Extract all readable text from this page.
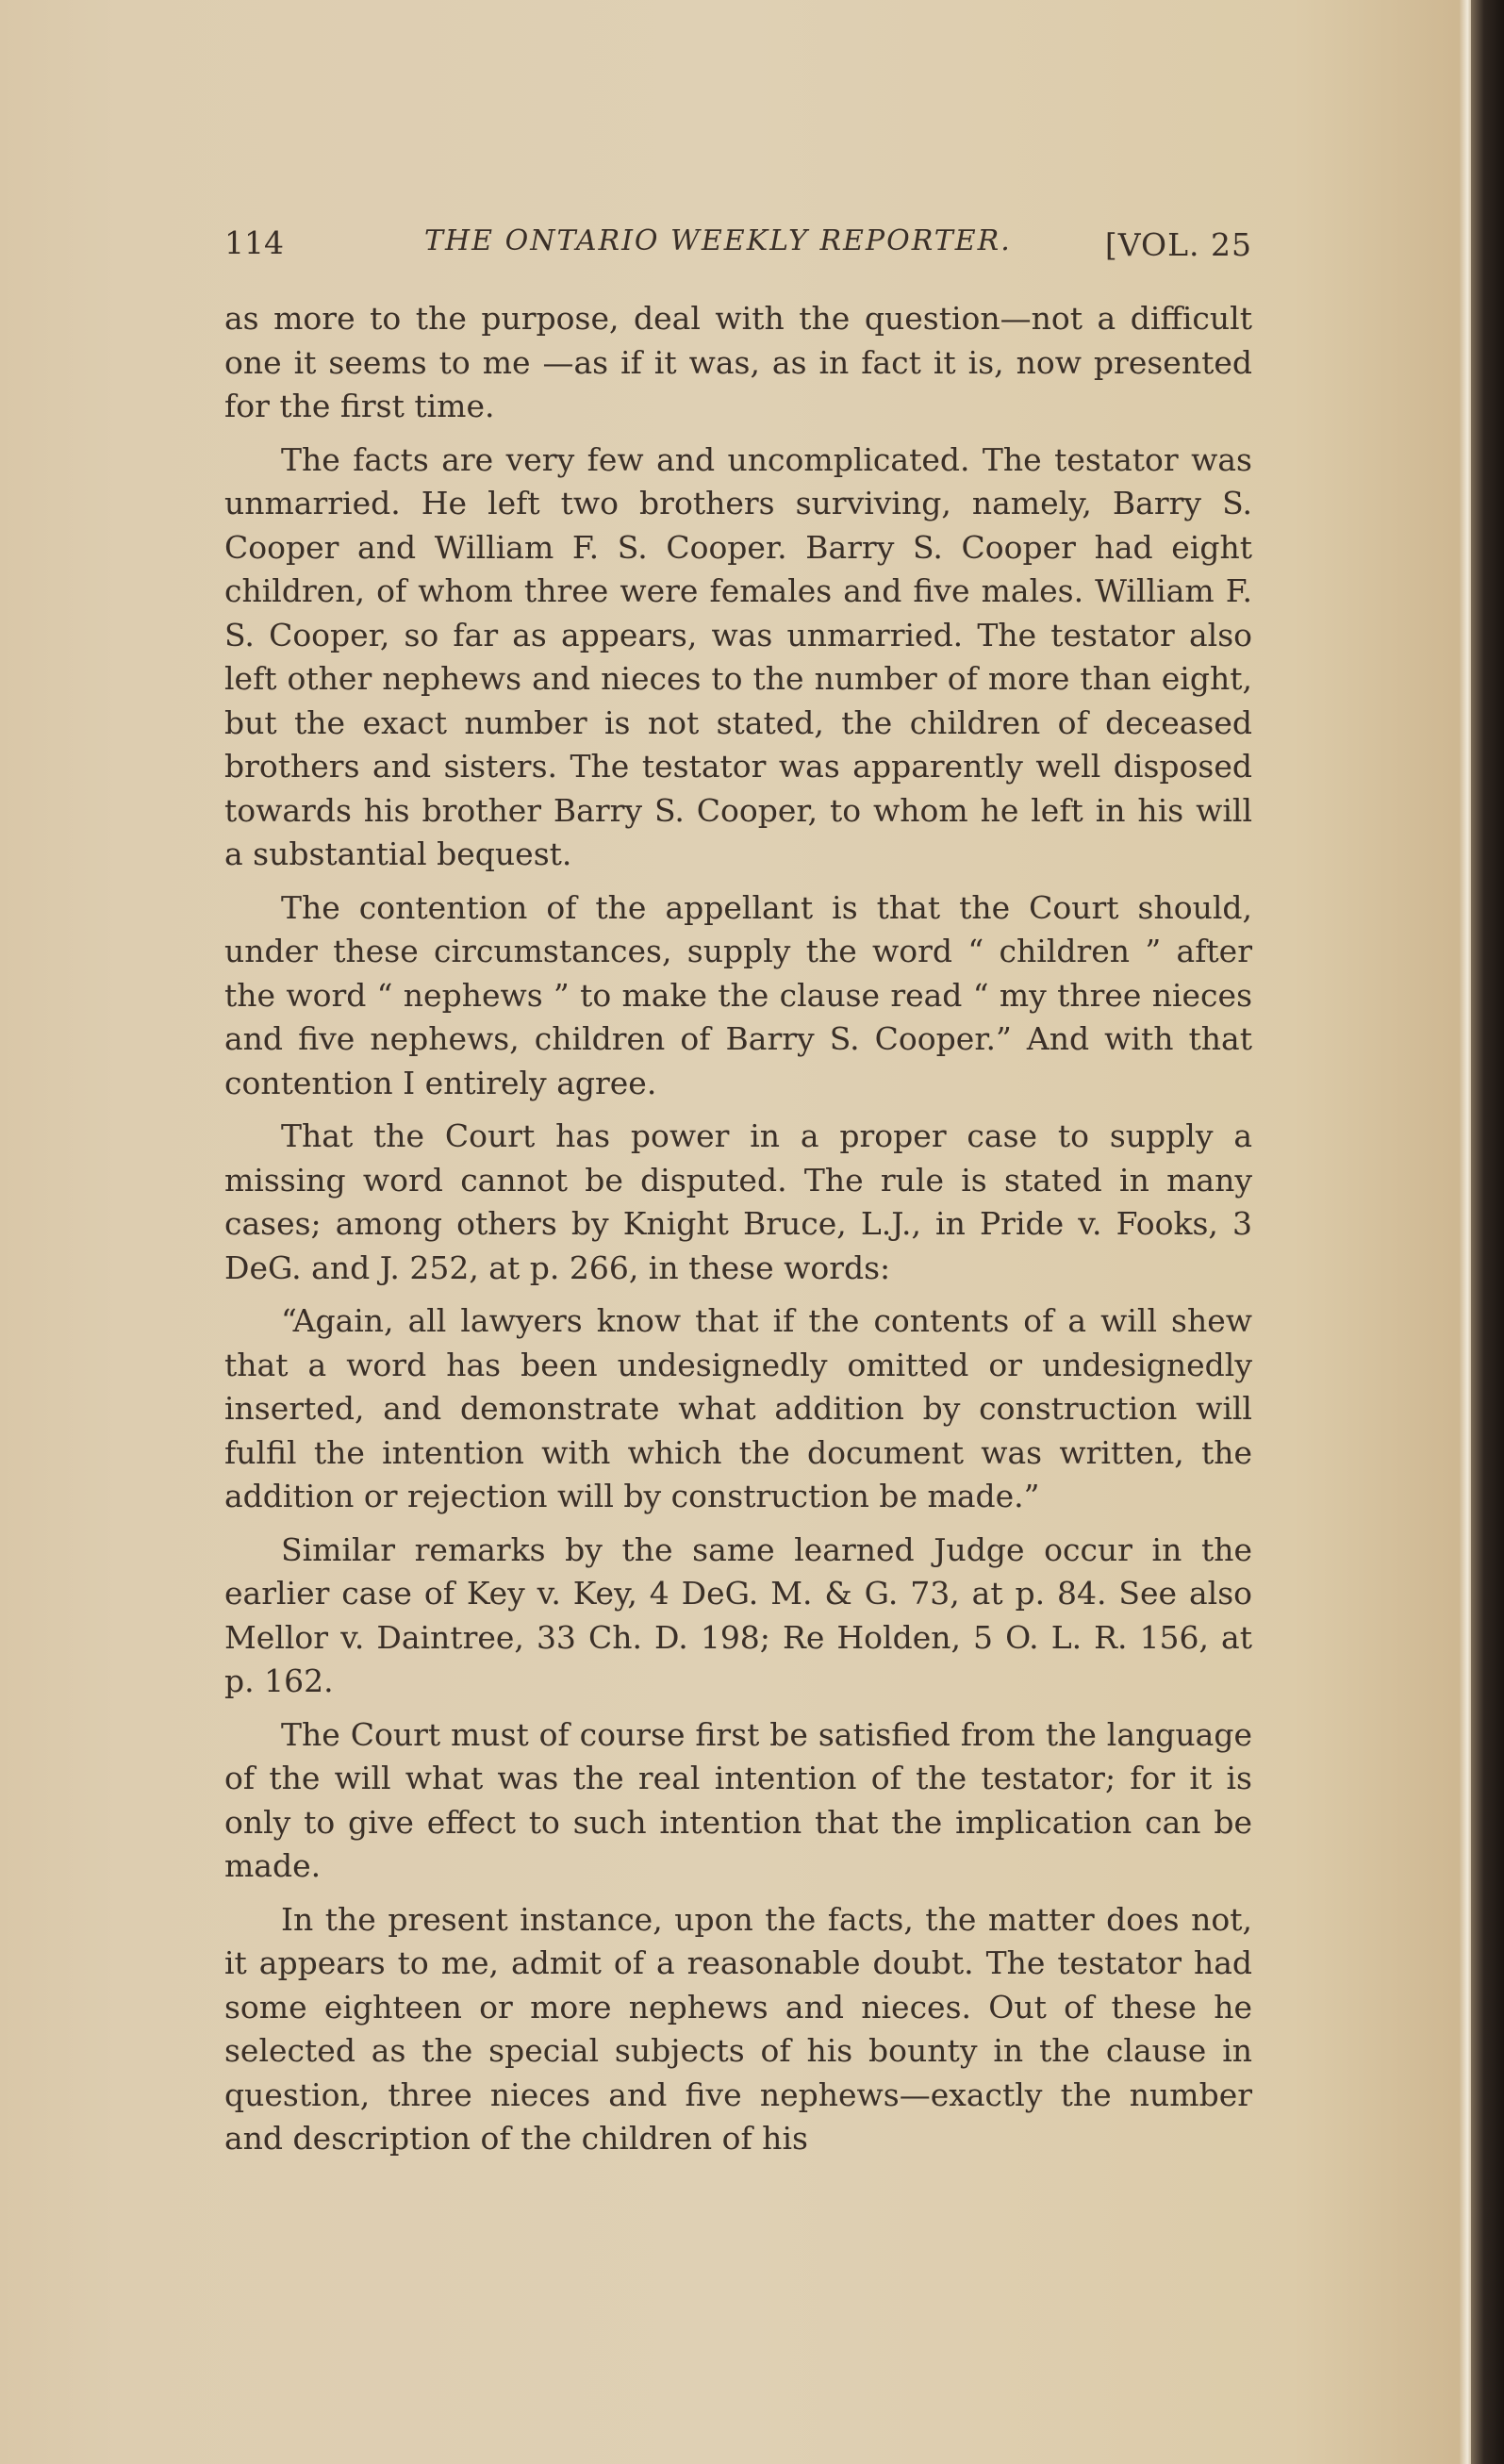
114	THE ONTARIO WEEKLY REPORTER.	[VOL. 25

as more to the purpose, deal with the question—not a difficult one it seems to me —as if it was, as in fact it is, now presented for the first time.

The facts are very few and uncomplicated. The testator was unmarried. He left two brothers surviving, namely, Barry S. Cooper and William F. S. Cooper. Barry S. Cooper had eight children, of whom three were females and five males. William F. S. Cooper, so far as appears, was unmarried. The testator also left other nephews and nieces to the number of more than eight, but the exact number is not stated, the children of deceased brothers and sisters. The testator was apparently well disposed towards his brother Barry S. Cooper, to whom he left in his will a substantial bequest.

The contention of the appellant is that the Court should, under these circumstances, supply the word “ children ” after the word “ nephews ” to make the clause read “ my three nieces and five nephews, children of Barry S. Cooper.” And with that contention I entirely agree.

That the Court has power in a proper case to supply a missing word cannot be disputed. The rule is stated in many cases; among others by Knight Bruce, L.J., in Pride v. Fooks, 3 DeG. and J. 252, at p. 266, in these words:

“Again, all lawyers know that if the contents of a will shew that a word has been undesignedly omitted or undesignedly inserted, and demonstrate what addition by construction will fulfil the intention with which the document was written, the addition or rejection will by construction be made.”

Similar remarks by the same learned Judge occur in the earlier case of Key v. Key, 4 DeG. M. & G. 73, at p. 84. See also Mellor v. Daintree, 33 Ch. D. 198; Re Holden, 5 O. L. R. 156, at p. 162.

The Court must of course first be satisfied from the language of the will what was the real intention of the testator; for it is only to give effect to such intention that the implication can be made.

In the present instance, upon the facts, the matter does not, it appears to me, admit of a reasonable doubt. The testator had some eighteen or more nephews and nieces. Out of these he selected as the special subjects of his bounty in the clause in question, three nieces and five nephews—exactly the number and description of the children of his
